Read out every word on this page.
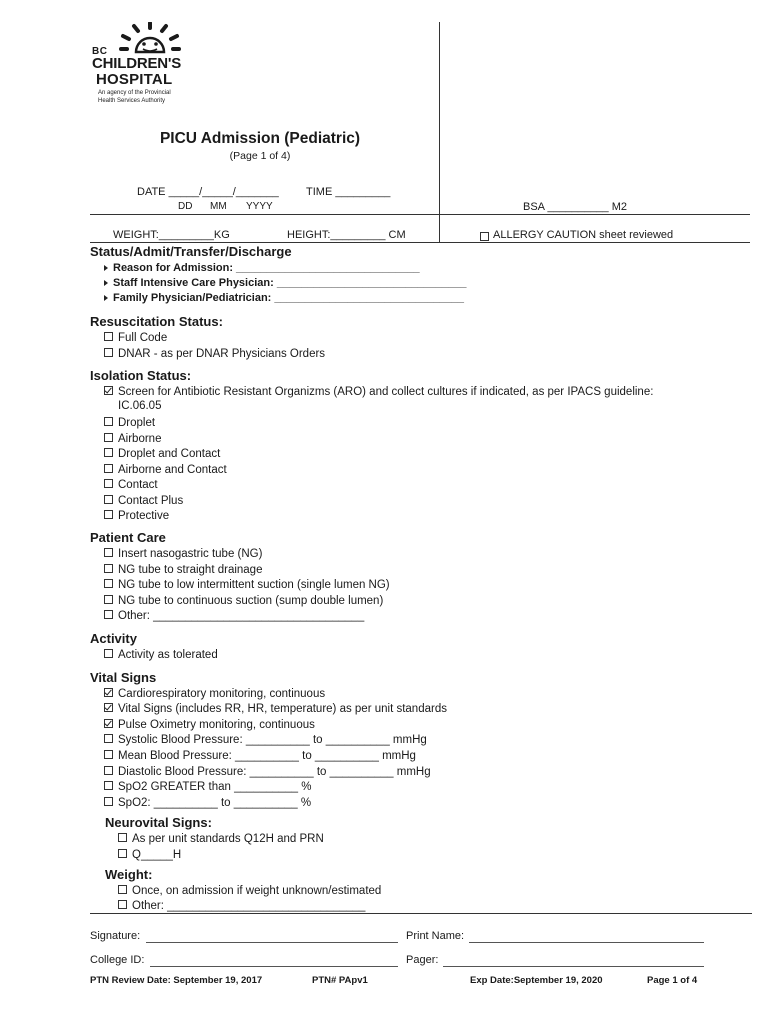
BC
CHILDREN'S
HOSPITAL
An agency of the Provincial
Health Services Authority
PICU Admission (Pediatric)
(Page 1 of 4)
DATE _____/_____/_______
DD MM YYYY
TIME _________
BSA __________ M2
WEIGHT:_________KG	HEIGHT:_________ CM	ALLERGY CAUTION sheet reviewed
Status/Admit/Transfer/Discharge
Reason for Admission: ______________________________
Staff Intensive Care Physician: _______________________________
Family Physician/Pediatrician: _______________________________
Resuscitation Status:
Full Code
DNAR - as per DNAR Physicians Orders
Isolation Status:
Screen for Antibiotic Resistant Organizms (ARO) and collect cultures if indicated, as per IPACS guideline:
IC.06.05
Droplet
Airborne
Droplet and Contact
Airborne and Contact
Contact
Contact Plus
Protective
Patient Care
Insert nasogastric tube (NG)
NG tube to straight drainage
NG tube to low intermittent suction (single lumen NG)
NG tube to continuous suction (sump double lumen)
Other: _________________________________
Activity
Activity as tolerated
Vital Signs
Cardiorespiratory monitoring, continuous
Vital Signs (includes RR, HR, temperature) as per unit standards
Pulse Oximetry monitoring, continuous
Systolic Blood Pressure: __________ to __________ mmHg
Mean Blood Pressure: __________ to __________ mmHg
Diastolic Blood Pressure: __________ to __________ mmHg
SpO2 GREATER than __________ %
SpO2: __________ to __________ %
Neurovital Signs:
As per unit standards Q12H and PRN
Q_____H
Weight:
Once, on admission if weight unknown/estimated
Other: _______________________________
Signature:	Print Name:
College ID:	Pager:
PTN Review Date: September 19, 2017	PTN# PApv1	Exp Date:September 19, 2020	Page 1 of 4
